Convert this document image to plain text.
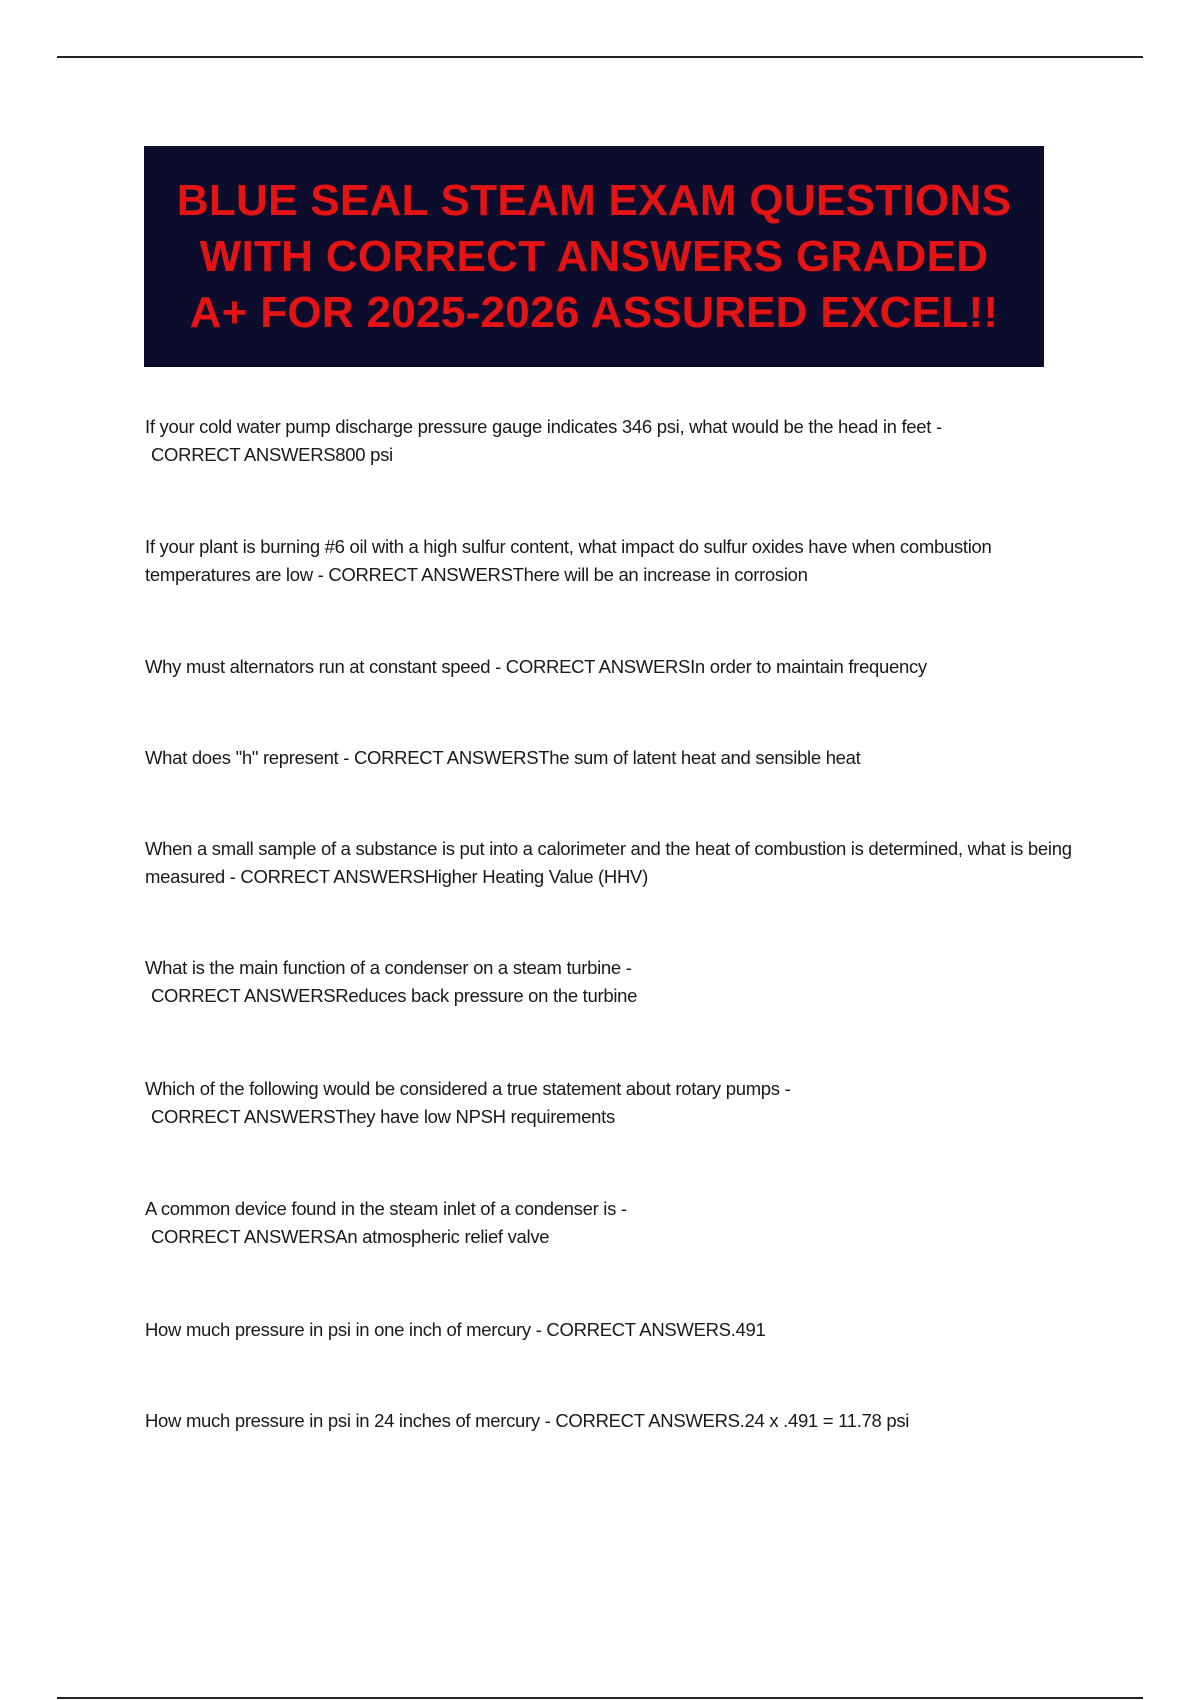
BLUE SEAL STEAM EXAM QUESTIONS WITH CORRECT ANSWERS GRADED A+ FOR 2025-2026 ASSURED EXCEL!!
If your cold water pump discharge pressure gauge indicates 346 psi, what would be the head in feet -
CORRECT ANSWERS800 psi
If your plant is burning #6 oil with a high sulfur content, what impact do sulfur oxides have when combustion temperatures are low - CORRECT ANSWERSThere will be an increase in corrosion
Why must alternators run at constant speed - CORRECT ANSWERSIn order to maintain frequency
What does "h" represent - CORRECT ANSWERSThe sum of latent heat and sensible heat
When a small sample of a substance is put into a calorimeter and the heat of combustion is determined, what is being measured - CORRECT ANSWERSHigher Heating Value (HHV)
What is the main function of a condenser on a steam turbine -
CORRECT ANSWERSReduces back pressure on the turbine
Which of the following would be considered a true statement about rotary pumps -
CORRECT ANSWERSThey have low NPSH requirements
A common device found in the steam inlet of a condenser is -
CORRECT ANSWERSAn atmospheric relief valve
How much pressure in psi in one inch of mercury - CORRECT ANSWERS.491
How much pressure in psi in 24 inches of mercury - CORRECT ANSWERS.24 x .491 = 11.78 psi
